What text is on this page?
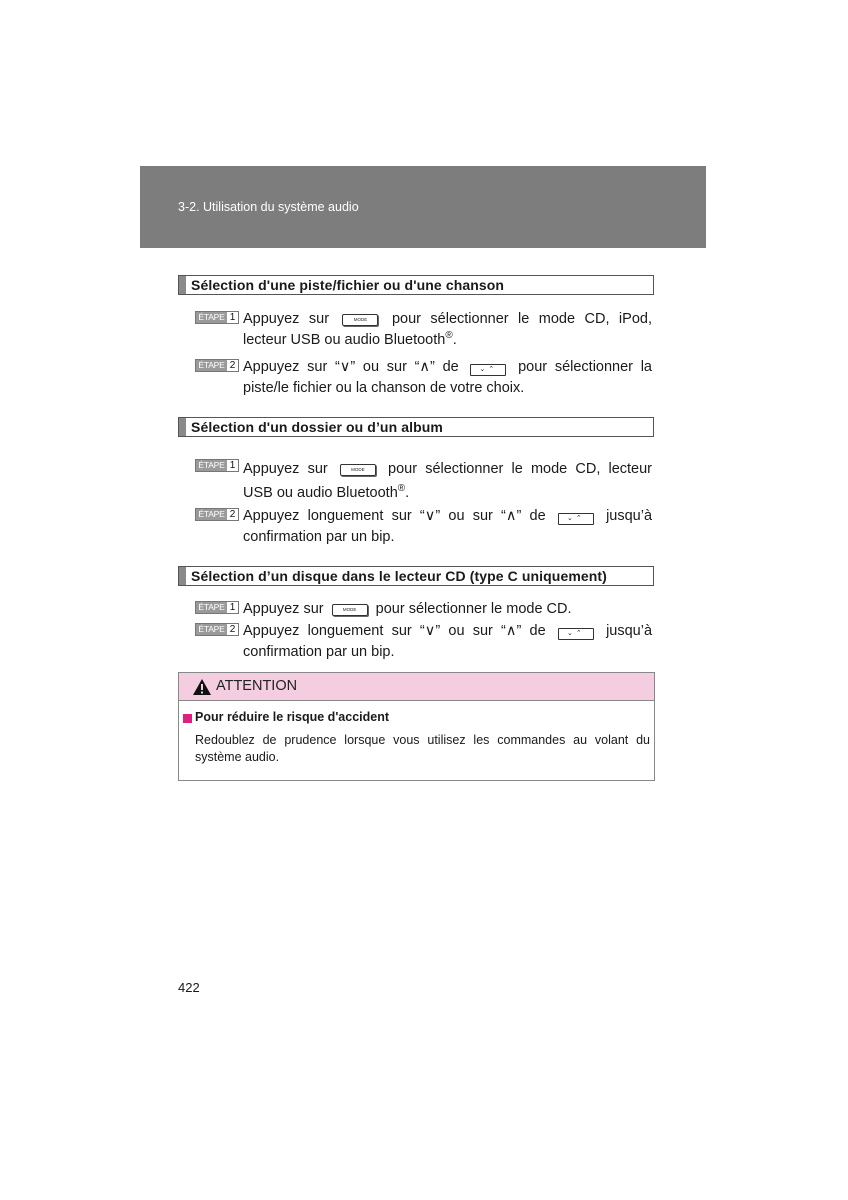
3-2. Utilisation du système audio
Sélection d'une piste/fichier ou d'une chanson
ÉTAPE 1 Appuyez sur	MODE pour sélectionner le mode CD, iPod, lecteur USB ou audio Bluetooth®.
ÉTAPE 2 Appuyez sur “∨” ou sur “∧” de	⌄⌃ pour sélectionner la piste/le fichier ou la chanson de votre choix.
Sélection d'un dossier ou d’un album
ÉTAPE 1 Appuyez sur	MODE pour sélectionner le mode CD, lecteur USB ou audio Bluetooth®.
ÉTAPE 2 Appuyez longuement sur “∨” ou sur “∧” de	⌄⌃ jusqu’à confirmation par un bip.
Sélection d’un disque dans le lecteur CD (type C uniquement)
ÉTAPE 1 Appuyez sur	MODE pour sélectionner le mode CD.
ÉTAPE 2 Appuyez longuement sur “∨” ou sur “∧” de	⌄⌃ jusqu’à confirmation par un bip.
ATTENTION
Pour réduire le risque d'accident
Redoublez de prudence lorsque vous utilisez les commandes au volant du système audio.
422
